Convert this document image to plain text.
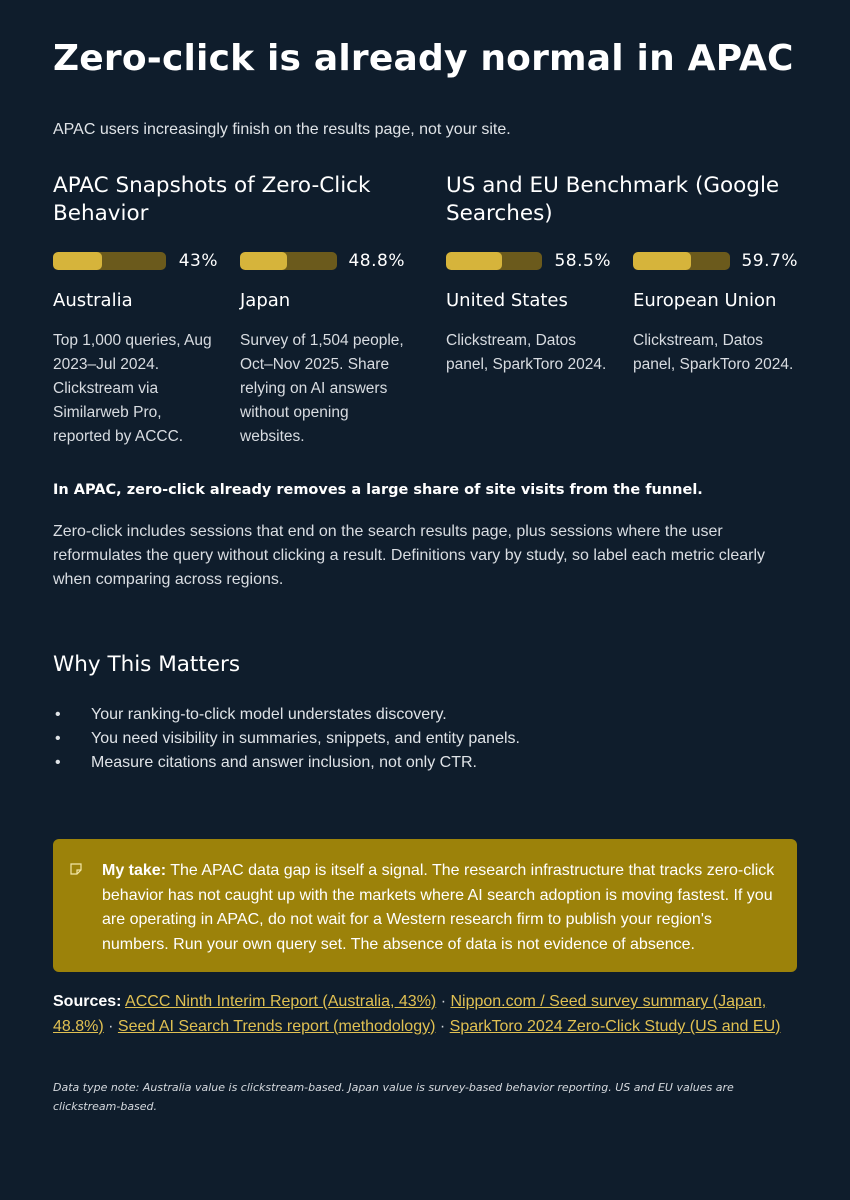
Zero-click is already normal in APAC
APAC users increasingly finish on the results page, not your site.
APAC Snapshots of Zero-Click Behavior
43%
Australia
Top 1,000 queries, Aug 2023–Jul 2024. Clickstream via Similarweb Pro, reported by ACCC.
48.8%
Japan
Survey of 1,504 people, Oct–Nov 2025. Share relying on AI answers without opening websites.
US and EU Benchmark (Google Searches)
58.5%
United States
Clickstream, Datos panel, SparkToro 2024.
59.7%
European Union
Clickstream, Datos panel, SparkToro 2024.
In APAC, zero-click already removes a large share of site visits from the funnel.
Zero-click includes sessions that end on the search results page, plus sessions where the user reformulates the query without clicking a result. Definitions vary by study, so label each metric clearly when comparing across regions.
Why This Matters
• Your ranking-to-click model understates discovery.
• You need visibility in summaries, snippets, and entity panels.
• Measure citations and answer inclusion, not only CTR.
My take: The APAC data gap is itself a signal. The research infrastructure that tracks zero-click behavior has not caught up with the markets where AI search adoption is moving fastest. If you are operating in APAC, do not wait for a Western research firm to publish your region's numbers. Run your own query set. The absence of data is not evidence of absence.
Sources: ACCC Ninth Interim Report (Australia, 43%) · Nippon.com / Seed survey summary (Japan, 48.8%) · Seed AI Search Trends report (methodology) · SparkToro 2024 Zero-Click Study (US and EU)
Data type note: Australia value is clickstream-based. Japan value is survey-based behavior reporting. US and EU values are clickstream-based.
